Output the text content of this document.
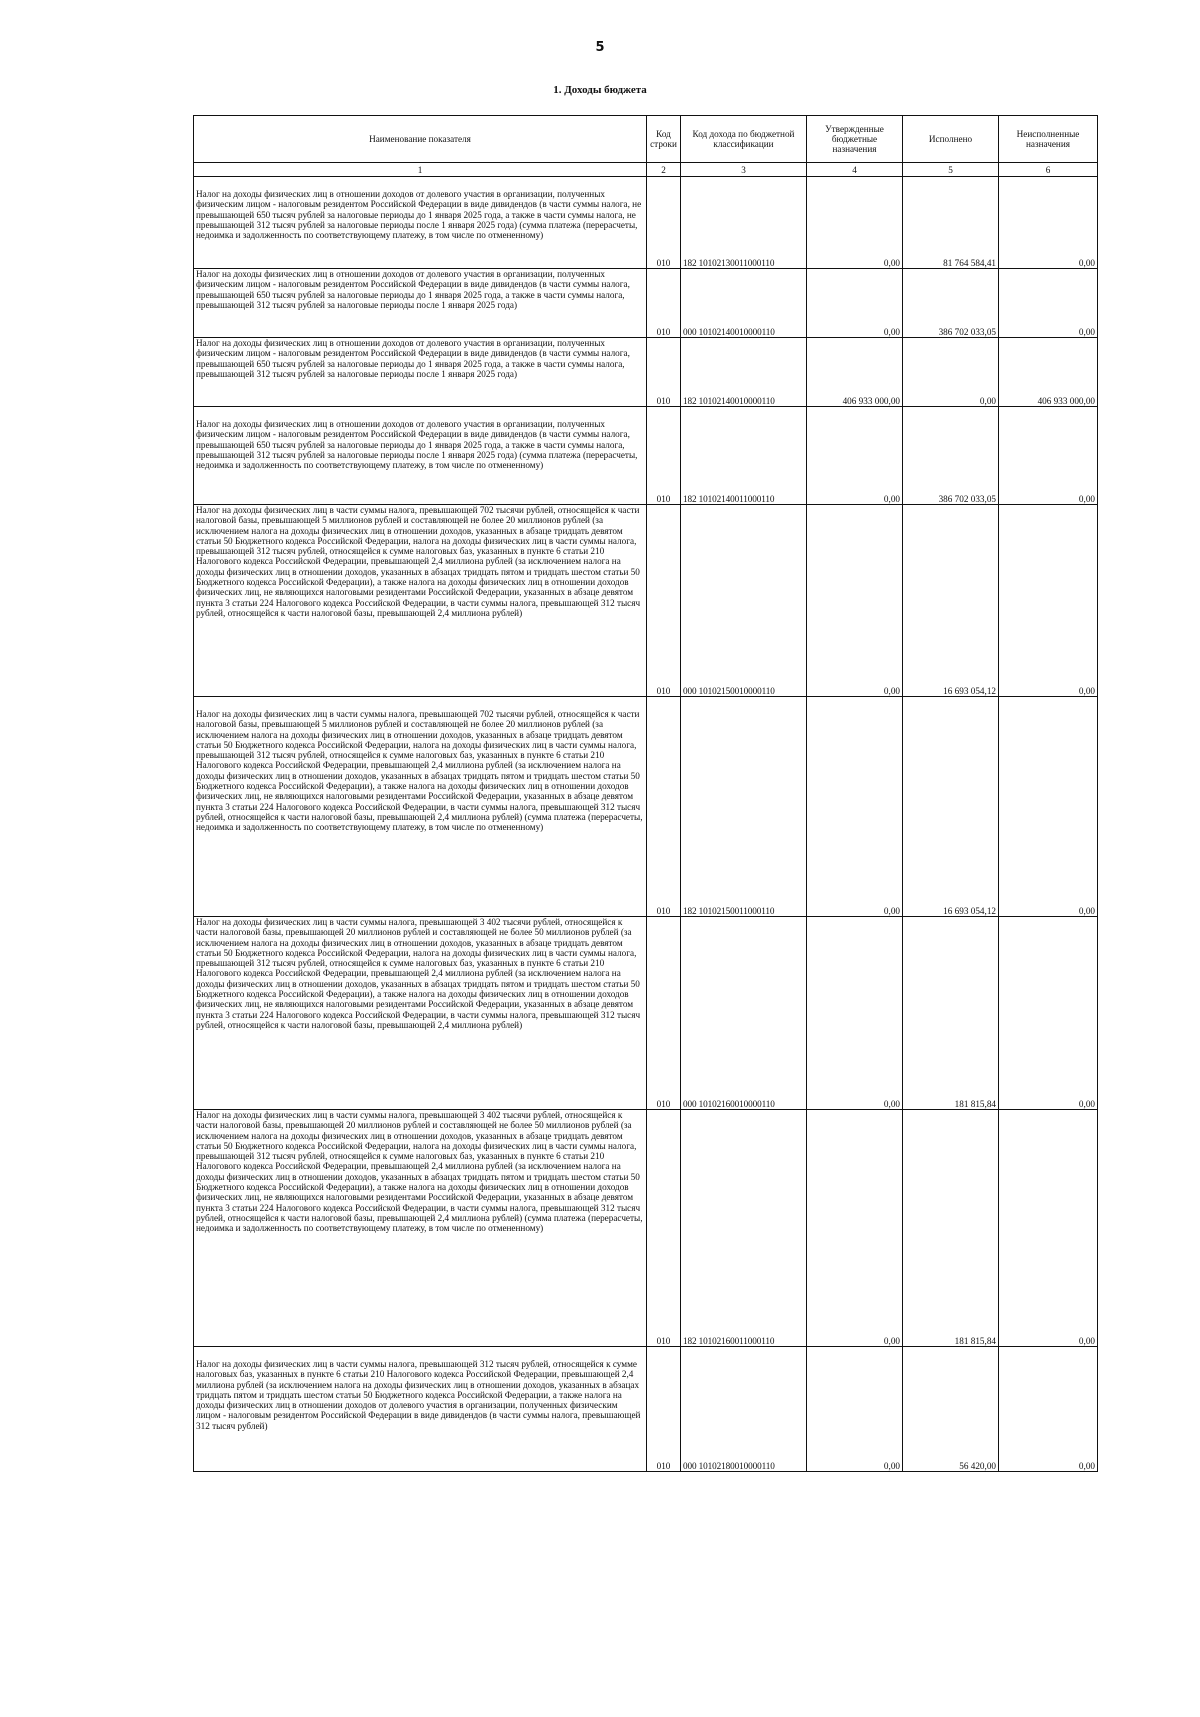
5
1. Доходы бюджета
Наименование показателя	Код строки	Код дохода по бюджетной классификации	Утвержденные бюджетные назначения	Исполнено	Неисполненные назначения
1	2	3	4	5	6
Налог на доходы физических лиц в отношении доходов от долевого участия в организации, полученных физическим лицом - налоговым резидентом Российской Федерации в виде дивидендов (в части суммы налога, не превышающей 650 тысяч рублей за налоговые периоды до 1 января 2025 года, а также в части суммы налога, не превышающей 312 тысяч рублей за налоговые периоды после 1 января 2025 года) (сумма платежа (перерасчеты, недоимка и задолженность по соответствующему платежу, в том числе по отмененному)	010	182 10102130011000110	0,00	81 764 584,41	0,00
Налог на доходы физических лиц в отношении доходов от долевого участия в организации, полученных физическим лицом - налоговым резидентом Российской Федерации в виде дивидендов (в части суммы налога, превышающей 650 тысяч рублей за налоговые периоды до 1 января 2025 года, а также в части суммы налога, превышающей 312 тысяч рублей за налоговые периоды после 1 января 2025 года)	010	000 10102140010000110	0,00	386 702 033,05	0,00
Налог на доходы физических лиц в отношении доходов от долевого участия в организации, полученных физическим лицом - налоговым резидентом Российской Федерации в виде дивидендов (в части суммы налога, превышающей 650 тысяч рублей за налоговые периоды до 1 января 2025 года, а также в части суммы налога, превышающей 312 тысяч рублей за налоговые периоды после 1 января 2025 года)	010	182 10102140010000110	406 933 000,00	0,00	406 933 000,00
Налог на доходы физических лиц в отношении доходов от долевого участия в организации, полученных физическим лицом - налоговым резидентом Российской Федерации в виде дивидендов (в части суммы налога, превышающей 650 тысяч рублей за налоговые периоды до 1 января 2025 года, а также в части суммы налога, превышающей 312 тысяч рублей за налоговые периоды после 1 января 2025 года) (сумма платежа (перерасчеты, недоимка и задолженность по соответствующему платежу, в том числе по отмененному)	010	182 10102140011000110	0,00	386 702 033,05	0,00
Налог на доходы физических лиц в части суммы налога, превышающей 702 тысячи рублей, относящейся к части налоговой базы, превышающей 5 миллионов рублей и составляющей не более 20 миллионов рублей (за исключением налога на доходы физических лиц в отношении доходов, указанных в абзаце тридцать девятом статьи 50 Бюджетного кодекса Российской Федерации, налога на доходы физических лиц в части суммы налога, превышающей 312 тысяч рублей, относящейся к сумме налоговых баз, указанных в пункте 6 статьи 210 Налогового кодекса Российской Федерации, превышающей 2,4 миллиона рублей (за исключением налога на доходы физических лиц в отношении доходов, указанных в абзацах тридцать пятом и тридцать шестом статьи 50 Бюджетного кодекса Российской Федерации), а также налога на доходы физических лиц в отношении доходов физических лиц, не являющихся налоговыми резидентами Российской Федерации, указанных в абзаце девятом пункта 3 статьи 224 Налогового кодекса Российской Федерации, в части суммы налога, превышающей 312 тысяч рублей, относящейся к части налоговой базы, превышающей 2,4 миллиона рублей)	010	000 10102150010000110	0,00	16 693 054,12	0,00
Налог на доходы физических лиц в части суммы налога, превышающей 702 тысячи рублей, относящейся к части налоговой базы, превышающей 5 миллионов рублей и составляющей не более 20 миллионов рублей (за исключением налога на доходы физических лиц в отношении доходов, указанных в абзаце тридцать девятом статьи 50 Бюджетного кодекса Российской Федерации, налога на доходы физических лиц в части суммы налога, превышающей 312 тысяч рублей, относящейся к сумме налоговых баз, указанных в пункте 6 статьи 210 Налогового кодекса Российской Федерации, превышающей 2,4 миллиона рублей (за исключением налога на доходы физических лиц в отношении доходов, указанных в абзацах тридцать пятом и тридцать шестом статьи 50 Бюджетного кодекса Российской Федерации), а также налога на доходы физических лиц в отношении доходов физических лиц, не являющихся налоговыми резидентами Российской Федерации, указанных в абзаце девятом пункта 3 статьи 224 Налогового кодекса Российской Федерации, в части суммы налога, превышающей 312 тысяч рублей, относящейся к части налоговой базы, превышающей 2,4 миллиона рублей) (сумма платежа (перерасчеты, недоимка и задолженность по соответствующему платежу, в том числе по отмененному)	010	182 10102150011000110	0,00	16 693 054,12	0,00
Налог на доходы физических лиц в части суммы налога, превышающей 3 402 тысячи рублей, относящейся к части налоговой базы, превышающей 20 миллионов рублей и составляющей не более 50 миллионов рублей (за исключением налога на доходы физических лиц в отношении доходов, указанных в абзаце тридцать девятом статьи 50 Бюджетного кодекса Российской Федерации, налога на доходы физических лиц в части суммы налога, превышающей 312 тысяч рублей, относящейся к сумме налоговых баз, указанных в пункте 6 статьи 210 Налогового кодекса Российской Федерации, превышающей 2,4 миллиона рублей (за исключением налога на доходы физических лиц в отношении доходов, указанных в абзацах тридцать пятом и тридцать шестом статьи 50 Бюджетного кодекса Российской Федерации), а также налога на доходы физических лиц в отношении доходов физических лиц, не являющихся налоговыми резидентами Российской Федерации, указанных в абзаце девятом пункта 3 статьи 224 Налогового кодекса Российской Федерации, в части суммы налога, превышающей 312 тысяч рублей, относящейся к части налоговой базы, превышающей 2,4 миллиона рублей)	010	000 10102160010000110	0,00	181 815,84	0,00
Налог на доходы физических лиц в части суммы налога, превышающей 3 402 тысячи рублей, относящейся к части налоговой базы, превышающей 20 миллионов рублей и составляющей не более 50 миллионов рублей (за исключением налога на доходы физических лиц в отношении доходов, указанных в абзаце тридцать девятом статьи 50 Бюджетного кодекса Российской Федерации, налога на доходы физических лиц в части суммы налога, превышающей 312 тысяч рублей, относящейся к сумме налоговых баз, указанных в пункте 6 статьи 210 Налогового кодекса Российской Федерации, превышающей 2,4 миллиона рублей (за исключением налога на доходы физических лиц в отношении доходов, указанных в абзацах тридцать пятом и тридцать шестом статьи 50 Бюджетного кодекса Российской Федерации), а также налога на доходы физических лиц в отношении доходов физических лиц, не являющихся налоговыми резидентами Российской Федерации, указанных в абзаце девятом пункта 3 статьи 224 Налогового кодекса Российской Федерации, в части суммы налога, превышающей 312 тысяч рублей, относящейся к части налоговой базы, превышающей 2,4 миллиона рублей) (сумма платежа (перерасчеты, недоимка и задолженность по соответствующему платежу, в том числе по отмененному)	010	182 10102160011000110	0,00	181 815,84	0,00
Налог на доходы физических лиц в части суммы налога, превышающей 312 тысяч рублей, относящейся к сумме налоговых баз, указанных в пункте 6 статьи 210 Налогового кодекса Российской Федерации, превышающей 2,4 миллиона рублей (за исключением налога на доходы физических лиц в отношении доходов, указанных в абзацах тридцать пятом и тридцать шестом статьи 50 Бюджетного кодекса Российской Федерации, а также налога на доходы физических лиц в отношении доходов от долевого участия в организации, полученных физическим лицом - налоговым резидентом Российской Федерации в виде дивидендов (в части суммы налога, превышающей 312 тысяч рублей)	010	000 10102180010000110	0,00	56 420,00	0,00
